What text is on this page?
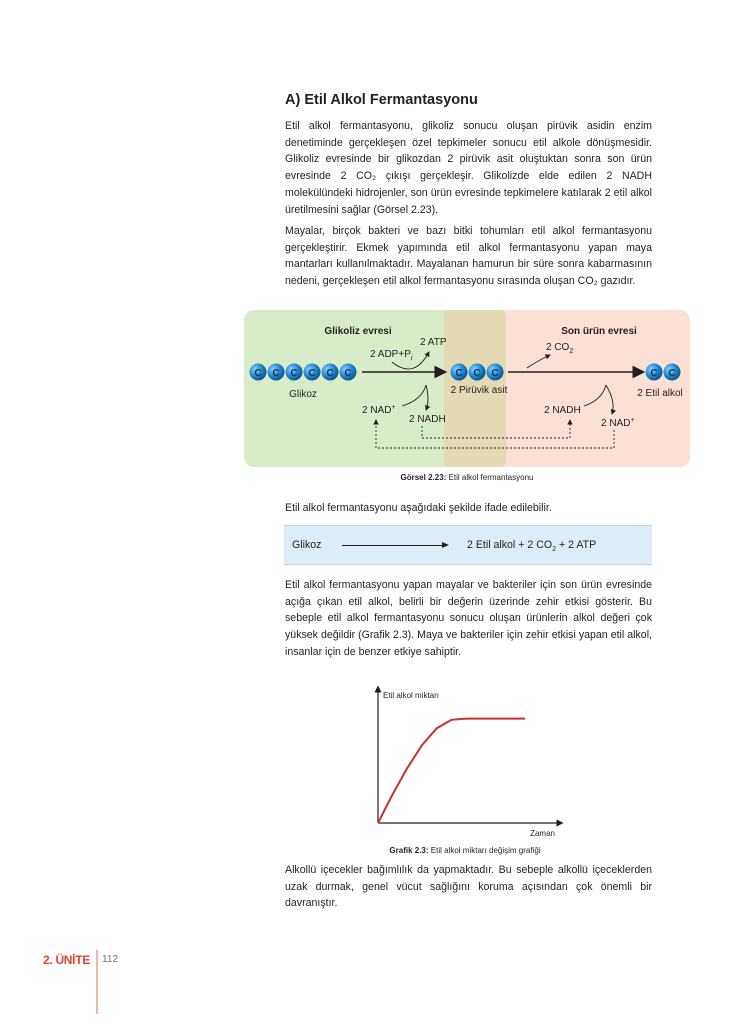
A) Etil Alkol Fermantasyonu

Etil alkol fermantasyonu, glikoliz sonucu oluşan pirüvik asidin enzim denetiminde gerçekleşen özel tepkimeler sonucu etil alkole dönüşmesidir. Glikoliz evresinde bir glikozdan 2 pirüvik asit oluştuktan sonra son ürün evresinde 2 CO₂ çıkışı gerçekleşir. Glikolizde elde edilen 2 NADH molekülündeki hidrojenler, son ürün evresinde tepkimelere katılarak 2 etil alkol üretilmesini sağlar (Görsel 2.23).

Mayalar, birçok bakteri ve bazı bitki tohumları etil alkol fermantasyonu gerçekleştirir. Ekmek yapımında etil alkol fermantasyonu yapan maya mantarları kullanılmaktadır. Mayalanan hamurun bir süre sonra kabarmasının nedeni, gerçekleşen etil alkol fermantasyonu sırasında oluşan CO₂ gazıdır.

Glikoliz evresi	Son ürün evresi
C C C C C C
Glikoz
2 $ADP+P_i$
2 ATP
C C C
2 Pirüvik asit
2 $CO_2$
C C
2 Etil alkol
2 NAD+
2 NADH
2 NADH
2 NAD+
Görsel 2.23: Etil alkol fermantasyonu

Etil alkol fermantasyonu aşağıdaki şekilde ifade edilebilir.

Glikoz	2 Etil alkol + 2 $CO_2 + 2$ ATP

Etil alkol fermantasyonu yapan mayalar ve bakteriler için son ürün evresinde açığa çıkan etil alkol, belirli bir değerin üzerinde zehir etkisi gösterir. Bu sebeple etil alkol fermantasyonu sonucu oluşan ürünlerin alkol değeri çok yüksek değildir (Grafik 2.3). Maya ve bakteriler için zehir etkisi yapan etil alkol, insanlar için de benzer etkiye sahiptir.

Etil alkol miktarı
Zaman
Grafik 2.3: Etil alkol miktarı değişim grafiği

Alkollü içecekler bağımlılık da yapmaktadır. Bu sebeple alkollü içeceklerden uzak durmak, genel vücut sağlığını koruma açısından çok önemli bir davranıştır.

2. ÜNİTE 112
